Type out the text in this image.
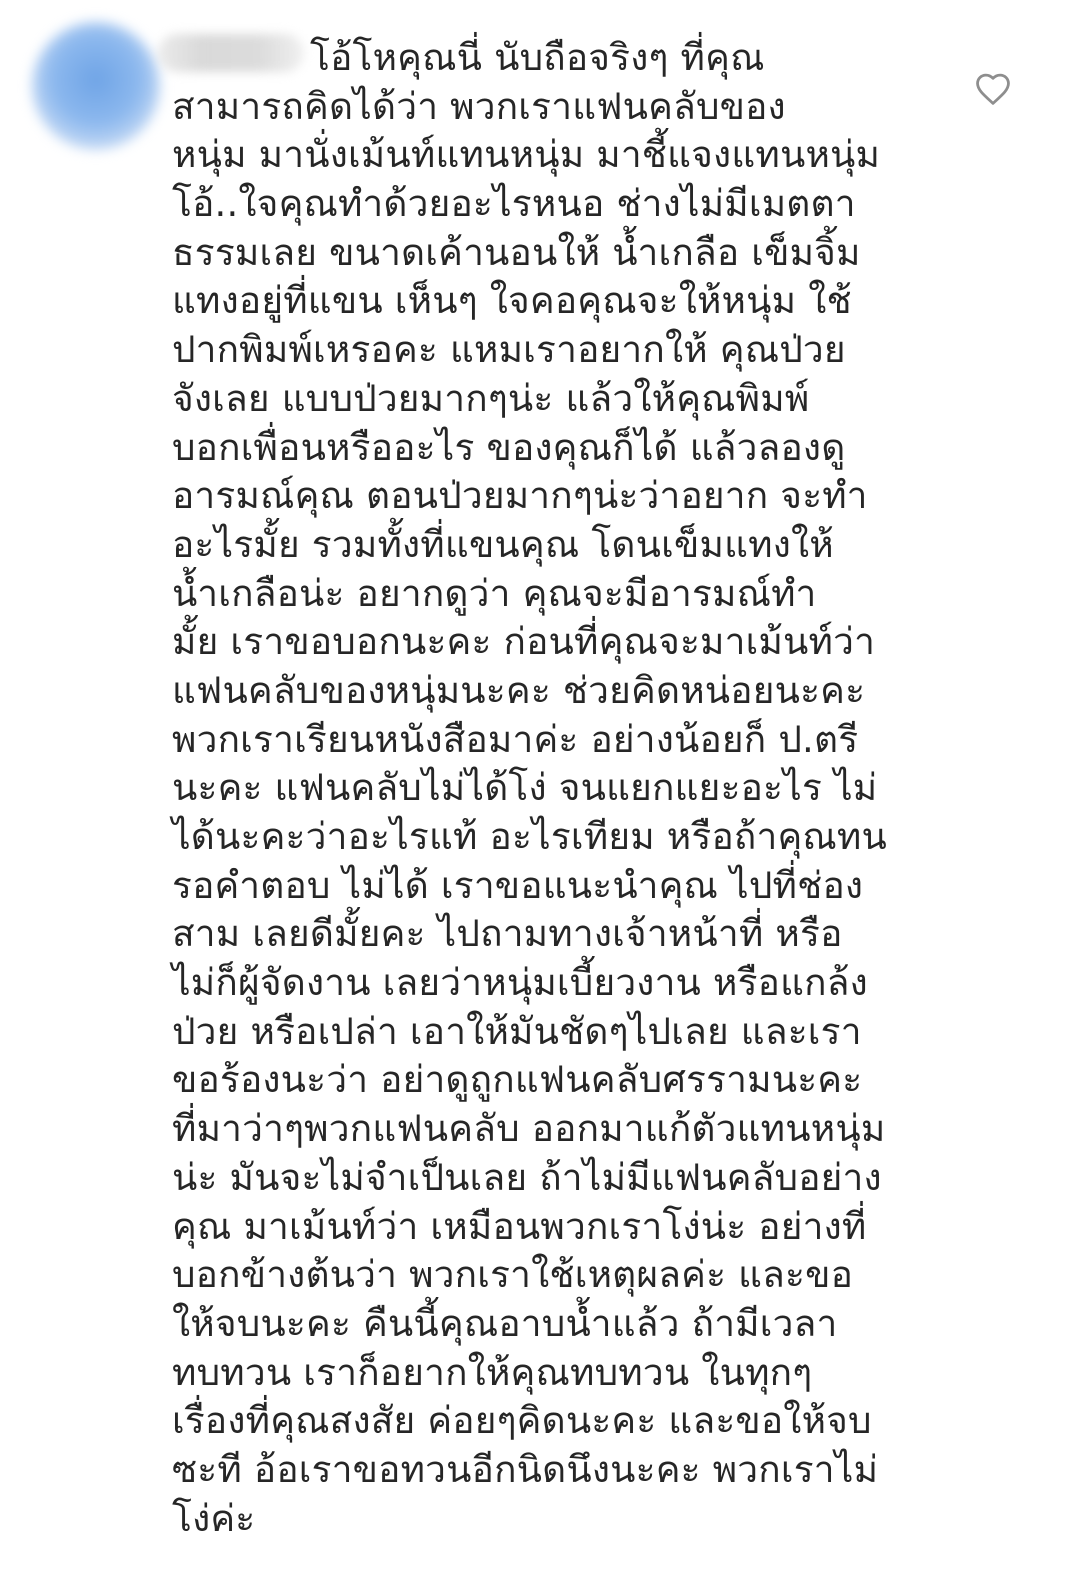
โอ้โหคุณนี่ นับถือจริงๆ ที่คุณ
สามารถคิดได้ว่า พวกเราแฟนคลับของ
หนุ่ม มานั่งเม้นท์แทนหนุ่ม มาชี้แจงแทนหนุ่ม
โอ้..ใจคุณทำด้วยอะไรหนอ ช่างไม่มีเมตตา
ธรรมเลย ขนาดเค้านอนให้ น้ำเกลือ เข็มจิ้ม
แทงอยู่ที่แขน เห็นๆ ใจคอคุณจะให้หนุ่ม ใช้
ปากพิมพ์เหรอคะ แหมเราอยากให้ คุณป่วย
จังเลย แบบป่วยมากๆน่ะ แล้วให้คุณพิมพ์
บอกเพื่อนหรืออะไร ของคุณก็ได้ แล้วลองดู
อารมณ์คุณ ตอนป่วยมากๆน่ะว่าอยาก จะทำ
อะไรมั้ย รวมทั้งที่แขนคุณ โดนเข็มแทงให้
น้ำเกลือน่ะ อยากดูว่า คุณจะมีอารมณ์ทำ
มั้ย เราขอบอกนะคะ ก่อนที่คุณจะมาเม้นท์ว่า
แฟนคลับของหนุ่มนะคะ ช่วยคิดหน่อยนะคะ
พวกเราเรียนหนังสือมาค่ะ อย่างน้อยก็ ป.ตรี
นะคะ แฟนคลับไม่ได้โง่ จนแยกแยะอะไร ไม่
ได้นะคะว่าอะไรแท้ อะไรเทียม หรือถ้าคุณทน
รอคำตอบ ไม่ได้ เราขอแนะนำคุณ ไปที่ช่อง
สาม เลยดีมั้ยคะ ไปถามทางเจ้าหน้าที่ หรือ
ไม่ก็ผู้จัดงาน เลยว่าหนุ่มเบี้ยวงาน หรือแกล้ง
ป่วย หรือเปล่า เอาให้มันชัดๆไปเลย และเรา
ขอร้องนะว่า อย่าดูถูกแฟนคลับศรรามนะคะ
ที่มาว่าๆพวกแฟนคลับ ออกมาแก้ตัวแทนหนุ่ม
น่ะ มันจะไม่จำเป็นเลย ถ้าไม่มีแฟนคลับอย่าง
คุณ มาเม้นท์ว่า เหมือนพวกเราโง่น่ะ อย่างที่
บอกข้างต้นว่า พวกเราใช้เหตุผลค่ะ และขอ
ให้จบนะคะ คืนนี้คุณอาบน้ำแล้ว ถ้ามีเวลา
ทบทวน เราก็อยากให้คุณทบทวน ในทุกๆ
เรื่องที่คุณสงสัย ค่อยๆคิดนะคะ และขอให้จบ
ซะที อ้อเราขอทวนอีกนิดนึงนะคะ พวกเราไม่
โง่ค่ะ
